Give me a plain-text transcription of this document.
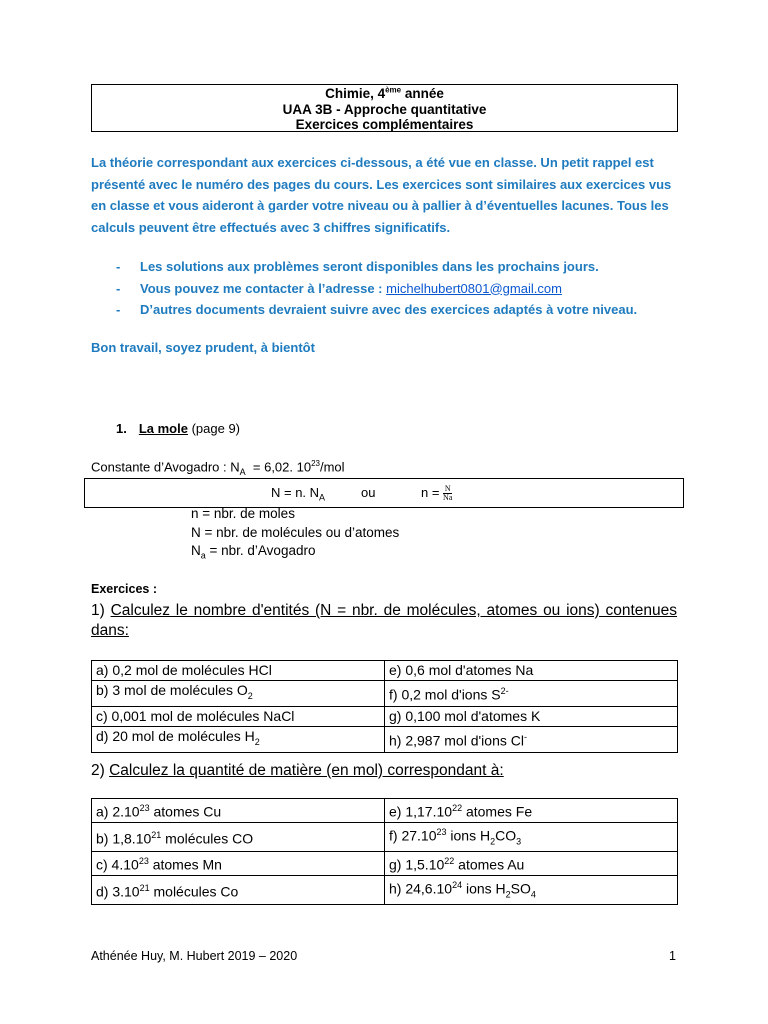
Chimie, 4ème année
UAA 3B - Approche quantitative
Exercices complémentaires
La théorie correspondant aux exercices ci-dessous, a été vue en classe. Un petit rappel est présenté avec le numéro des pages du cours. Les exercices sont similaires aux exercices vus en classe et vous aideront à garder votre niveau ou à pallier à d’éventuelles lacunes. Tous les calculs peuvent être effectués avec 3 chiffres significatifs.
- Les solutions aux problèmes seront disponibles dans les prochains jours.
- Vous pouvez me contacter à l’adresse : michelhubert0801@gmail.com
- D’autres documents devraient suivre avec des exercices adaptés à votre niveau.
Bon travail, soyez prudent, à bientôt
1. La mole (page 9)
Constante d’Avogadro : $N_A = 6,02$. $10^{23}$/mol
N = n. $N_A$	ou	$n = \frac{N}{Na}$
n = nbr. de moles
N = nbr. de molécules ou d’atomes
$N_a$ = nbr. d’Avogadro
Exercices :
1) Calculez le nombre d'entités (N = nbr. de molécules, atomes ou ions) contenues dans:
a) 0,2 mol de molécules HCl	e) 0,6 mol d'atomes Na
b) 3 mol de molécules $O_2$	f) 0,2 mol d'ions $S^{2-}$
c) 0,001 mol de molécules NaCl	g) 0,100 mol d'atomes K
d) 20 mol de molécules $H_2$	h) 2,987 mol d'ions Cl-
2) Calculez la quantité de matière (en mol) correspondant à:
a) 2.10$^{23}$ atomes Cu	e) 1,17.10$^{22}$ atomes Fe
b) 1,8.10$^{21}$ molécules CO	f) 27.10$^{23}$ ions $H_2CO_3$
c) 4.10$^{23}$ atomes Mn	g) 1,5.10$^{22}$ atomes Au
d) 3.10$^{21}$ molécules Co	h) 24,6.10$^{24}$ ions $H_2SO_4$
Athénée Huy, M. Hubert 2019 – 2020	1
